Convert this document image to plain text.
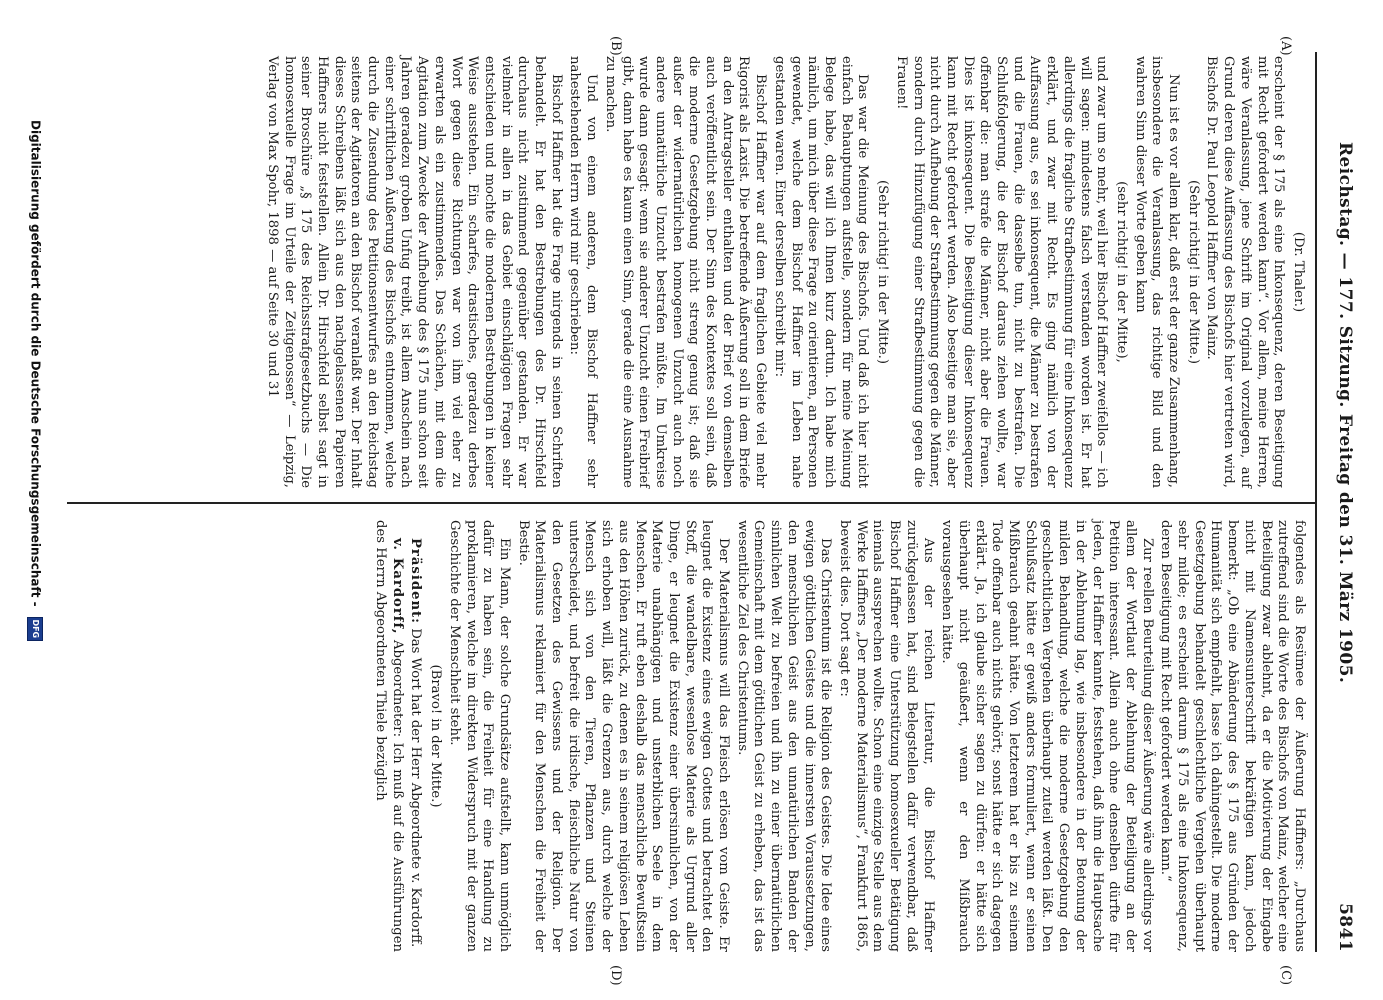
Reichstag. — 177. Sitzung. Freitag den 31. März 1905.
5841
(A)
(B)
(C)
(D)

(Dr. Thaler.)

erscheint der § 175 als eine Inkonsequenz, deren Beseitigung mit Recht gefordert werden kann“. Vor allem, meine Herren, wäre Veranlassung, jene Schrift im Original vorzulegen, auf Grund deren diese Auffassung des Bischofs hier vertreten wird, Bischofs Dr. Paul Leopold Haffner von Mainz.

(Sehr richtig! in der Mitte.)

Nun ist es vor allem klar, daß erst der ganze Zusammenhang, insbesondere die Veranlassung, das richtige Bild und den wahren Sinn dieser Worte geben kann

(sehr richtig! in der Mitte),

und zwar um so mehr, weil hier Bischof Haffner zweifellos — ich will sagen: mindestens falsch verstanden worden ist. Er hat allerdings die fragliche Strafbestimmung für eine Inkonsequenz erklärt, und zwar mit Recht. Es ging nämlich von der Auffassung aus, es sei inkonsequent, die Männer zu bestrafen und die Frauen, die dasselbe tun, nicht zu bestrafen. Die Schlußfolgerung, die der Bischof daraus ziehen wollte, war offenbar die: man strafe die Männer, nicht aber die Frauen. Dies ist inkonsequent. Die Beseitigung dieser Inkonsequenz kann mit Recht gefordert werden. Also beseitige man sie, aber nicht durch Aufhebung der Strafbestimmung gegen die Männer, sondern durch Hinzufügung einer Strafbestimmung gegen die Frauen!

(Sehr richtig! in der Mitte.)

Das war die Meinung des Bischofs. Und daß ich hier nicht einfach Behauptungen aufstelle, sondern für meine Meinung Belege habe, das will ich Ihnen kurz dartun. Ich habe mich nämlich, um mich über diese Frage zu orientieren, an Personen gewendet, welche dem Bischof Haffner im Leben nahe gestanden waren. Einer derselben schreibt mir:

Bischof Haffner war auf dem fraglichen Gebiete viel mehr Rigorist als Laxist. Die betreffende Äußerung soll in dem Briefe an den Antragsteller enthalten und der Brief von demselben auch veröffentlicht sein. Der Sinn des Kontextes soll sein, daß die moderne Gesetzgebung nicht streng genug ist; daß sie außer der widernatürlichen homogenen Unzucht auch noch andere unnatürliche Unzucht bestrafen müßte. Im Umkreise wurde dann gesagt: wenn sie anderer Unzucht einen Freibrief gibt, dann habe es kaum einen Sinn, gerade die eine Ausnahme zu machen.

Und von einem anderen, dem Bischof Haffner sehr nahestehenden Herrn wird mir geschrieben:

Bischof Haffner hat die Frage nirgends in seinen Schriften behandelt. Er hat den Bestrebungen des Dr. Hirschfeld durchaus nicht zustimmend gegenüber gestanden. Er war vielmehr in allen in das Gebiet einschlägigen Fragen sehr entschieden und mochte die modernen Bestrebungen in keiner Weise ausstehen. Ein scharfes, drastisches, geradezu derbes Wort gegen diese Richtungen war von ihm viel eher zu erwarten als ein zustimmendes. Das Schächen, mit dem die Agitation zum Zwecke der Aufhebung des § 175 nun schon seit Jahren geradezu groben Unfug treibt, ist allem Anschein nach einer schriftlichen Äußerung des Bischofs entnommen, welche durch die Zusendung des Petitionsentwurfes an den Reichstag seitens der Agitatoren an den Bischof veranlaßt war. Der Inhalt dieses Schreibens läßt sich aus den nachgelassenen Papieren Haffners nicht feststellen. Allein Dr. Hirschfeld selbst sagt in seiner Broschüre „§ 175 des Reichsstrafgesetzbuchs — Die homosexuelle Frage im Urteile der Zeitgenossen“ — Leipzig, Verlag von Max Spohr, 1898 — auf Seite 30 und 31

folgendes als Resümee der Äußerung Haffners: „Durchaus zutreffend sind die Worte des Bischofs von Mainz, welcher eine Beteiligung zwar ablehnt, da er die Motivierung der Eingabe nicht mit Namensunterschrift bekräftigen kann, jedoch bemerkt: „Ob eine Abänderung des § 175 aus Gründen der Humanität sich empfiehlt, lasse ich dahingestellt. Die moderne Gesetzgebung behandelt geschlechtliche Vergehen überhaupt sehr milde; es erscheint darum § 175 als eine Inkonsequenz, deren Beseitigung mit Recht gefordert werden kann.“

Zur reellen Beurteilung dieser Äußerung wäre allerdings vor allem der Wortlaut der Ablehnung der Beteiligung an der Petition interessant. Allein auch ohne denselben dürfte für jeden, der Haffner kannte, feststehen, daß ihm die Hauptsache in der Ablehnung lag, wie insbesondere in der Betonung der milden Behandlung, welche die moderne Gesetzgebung den geschlechtlichen Vergehen überhaupt zuteil werden läßt. Den Schlußsatz hätte er gewiß anders formuliert, wenn er seinen Mißbrauch geahnt hätte. Von letzterem hat er bis zu seinem Tode offenbar auch nichts gehört; sonst hätte er sich dagegen erklärt. Ja, ich glaube sicher sagen zu dürfen: er hätte sich überhaupt nicht geäußert, wenn er den Mißbrauch vorausgesehen hätte.

Aus der reichen Literatur, die Bischof Haffner zurückgelassen hat, sind Belegstellen dafür verwendbar, daß Bischof Haffner eine Unterstützung homosexueller Betätigung niemals aussprechen wollte. Schon eine einzige Stelle aus dem Werke Haffners „Der moderne Materialismus“, Frankfurt 1865, beweist dies. Dort sagt er:

Das Christentum ist die Religion des Geistes. Die Idee eines ewigen göttlichen Geistes und die innersten Voraussetzungen, den menschlichen Geist aus den unnatürlichen Banden der sinnlichen Welt zu befreien und ihn zu einer übernatürlichen Gemeinschaft mit dem göttlichen Geist zu erheben, das ist das wesentliche Ziel des Christentums.

Der Materialismus will das Fleisch erlösen vom Geiste. Er leugnet die Existenz eines ewigen Gottes und betrachtet den Stoff, die wandelbare, wesenlose Materie als Urgrund aller Dinge, er leugnet die Existenz einer übersinnlichen, von der Materie unabhängigen und unsterblichen Seele in dem Menschen. Er ruft eben deshalb das menschliche Bewußtsein aus den Höhen zurück, zu denen es in seinem religiösen Leben sich erhoben will, läßt die Grenzen aus, durch welche der Mensch sich von den Tieren, Pflanzen und Steinen unterscheidet, und befreit die irdische, fleischliche Natur von den Gesetzen des Gewissens und der Religion. Der Materialismus reklamiert für den Menschen die Freiheit der Bestie.

Ein Mann, der solche Grundsätze aufstellt, kann unmöglich dafür zu haben sein, die Freiheit für eine Handlung zu proklamieren, welche im direkten Widerspruch mit der ganzen Geschichte der Menschheit steht.

(Bravo! in der Mitte.)

Präsident: Das Wort hat der Herr Abgeordnete v. Kardorff.

v. Kardorff, Abgeordneter: Ich muß auf die Ausführungen des Herrn Abgeordneten Thiele bezüglich

Digitalisierung gefördert durch die Deutsche Forschungsgemeinschaft - DFG
